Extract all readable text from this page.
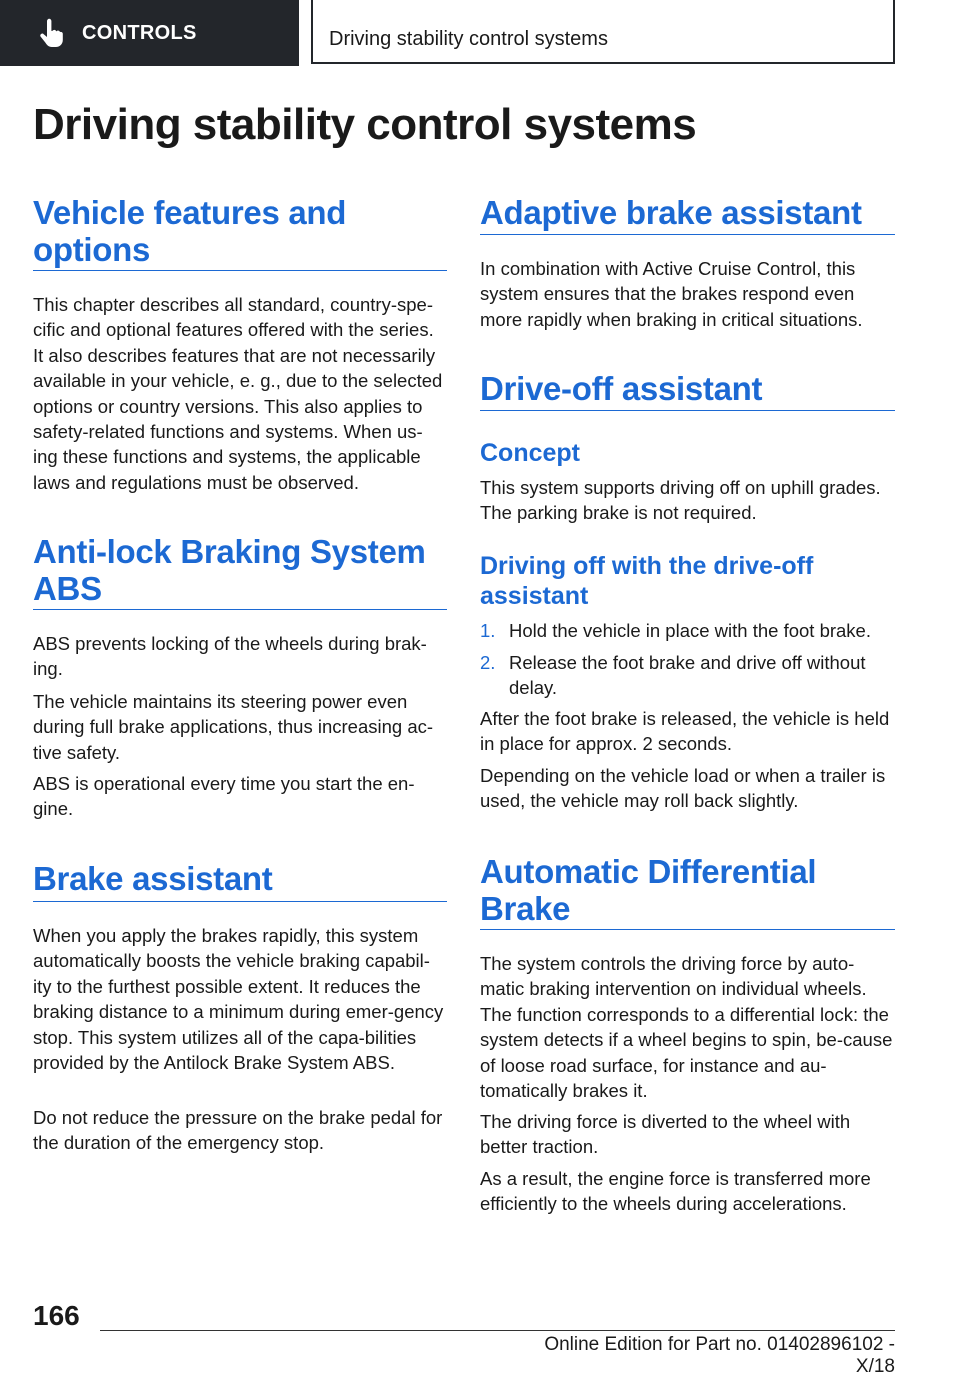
CONTROLS	Driving stability control systems
Driving stability control systems
Vehicle features and options

This chapter describes all standard, country-spe-cific and optional features offered with the series. It also describes features that are not necessarily available in your vehicle, e. g., due to the selected options or country versions. This also applies to safety-related functions and systems. When us-ing these functions and systems, the applicable laws and regulations must be observed.

Anti-lock Braking System ABS

ABS prevents locking of the wheels during brak-ing.

The vehicle maintains its steering power even during full brake applications, thus increasing ac-tive safety.

ABS is operational every time you start the en-gine.

Brake assistant

When you apply the brakes rapidly, this system automatically boosts the vehicle braking capabil-ity to the furthest possible extent. It reduces the braking distance to a minimum during emer-gency stop. This system utilizes all of the capa-bilities provided by the Antilock Brake System ABS.

Do not reduce the pressure on the brake pedal for the duration of the emergency stop.

Adaptive brake assistant

In combination with Active Cruise Control, this system ensures that the brakes respond even more rapidly when braking in critical situations.

Drive-off assistant
Concept

This system supports driving off on uphill grades. The parking brake is not required.

Driving off with the drive-off assistant
1. Hold the vehicle in place with the foot brake.
2. Release the foot brake and drive off without delay.

After the foot brake is released, the vehicle is held in place for approx. 2 seconds.

Depending on the vehicle load or when a trailer is used, the vehicle may roll back slightly.

Automatic Differential Brake

The system controls the driving force by auto-matic braking intervention on individual wheels. The function corresponds to a differential lock: the system detects if a wheel begins to spin, be-cause of loose road surface, for instance and au-tomatically brakes it.

The driving force is diverted to the wheel with better traction.

As a result, the engine force is transferred more efficiently to the wheels during accelerations.

166
Online Edition for Part no. 01402896102 - X/18
